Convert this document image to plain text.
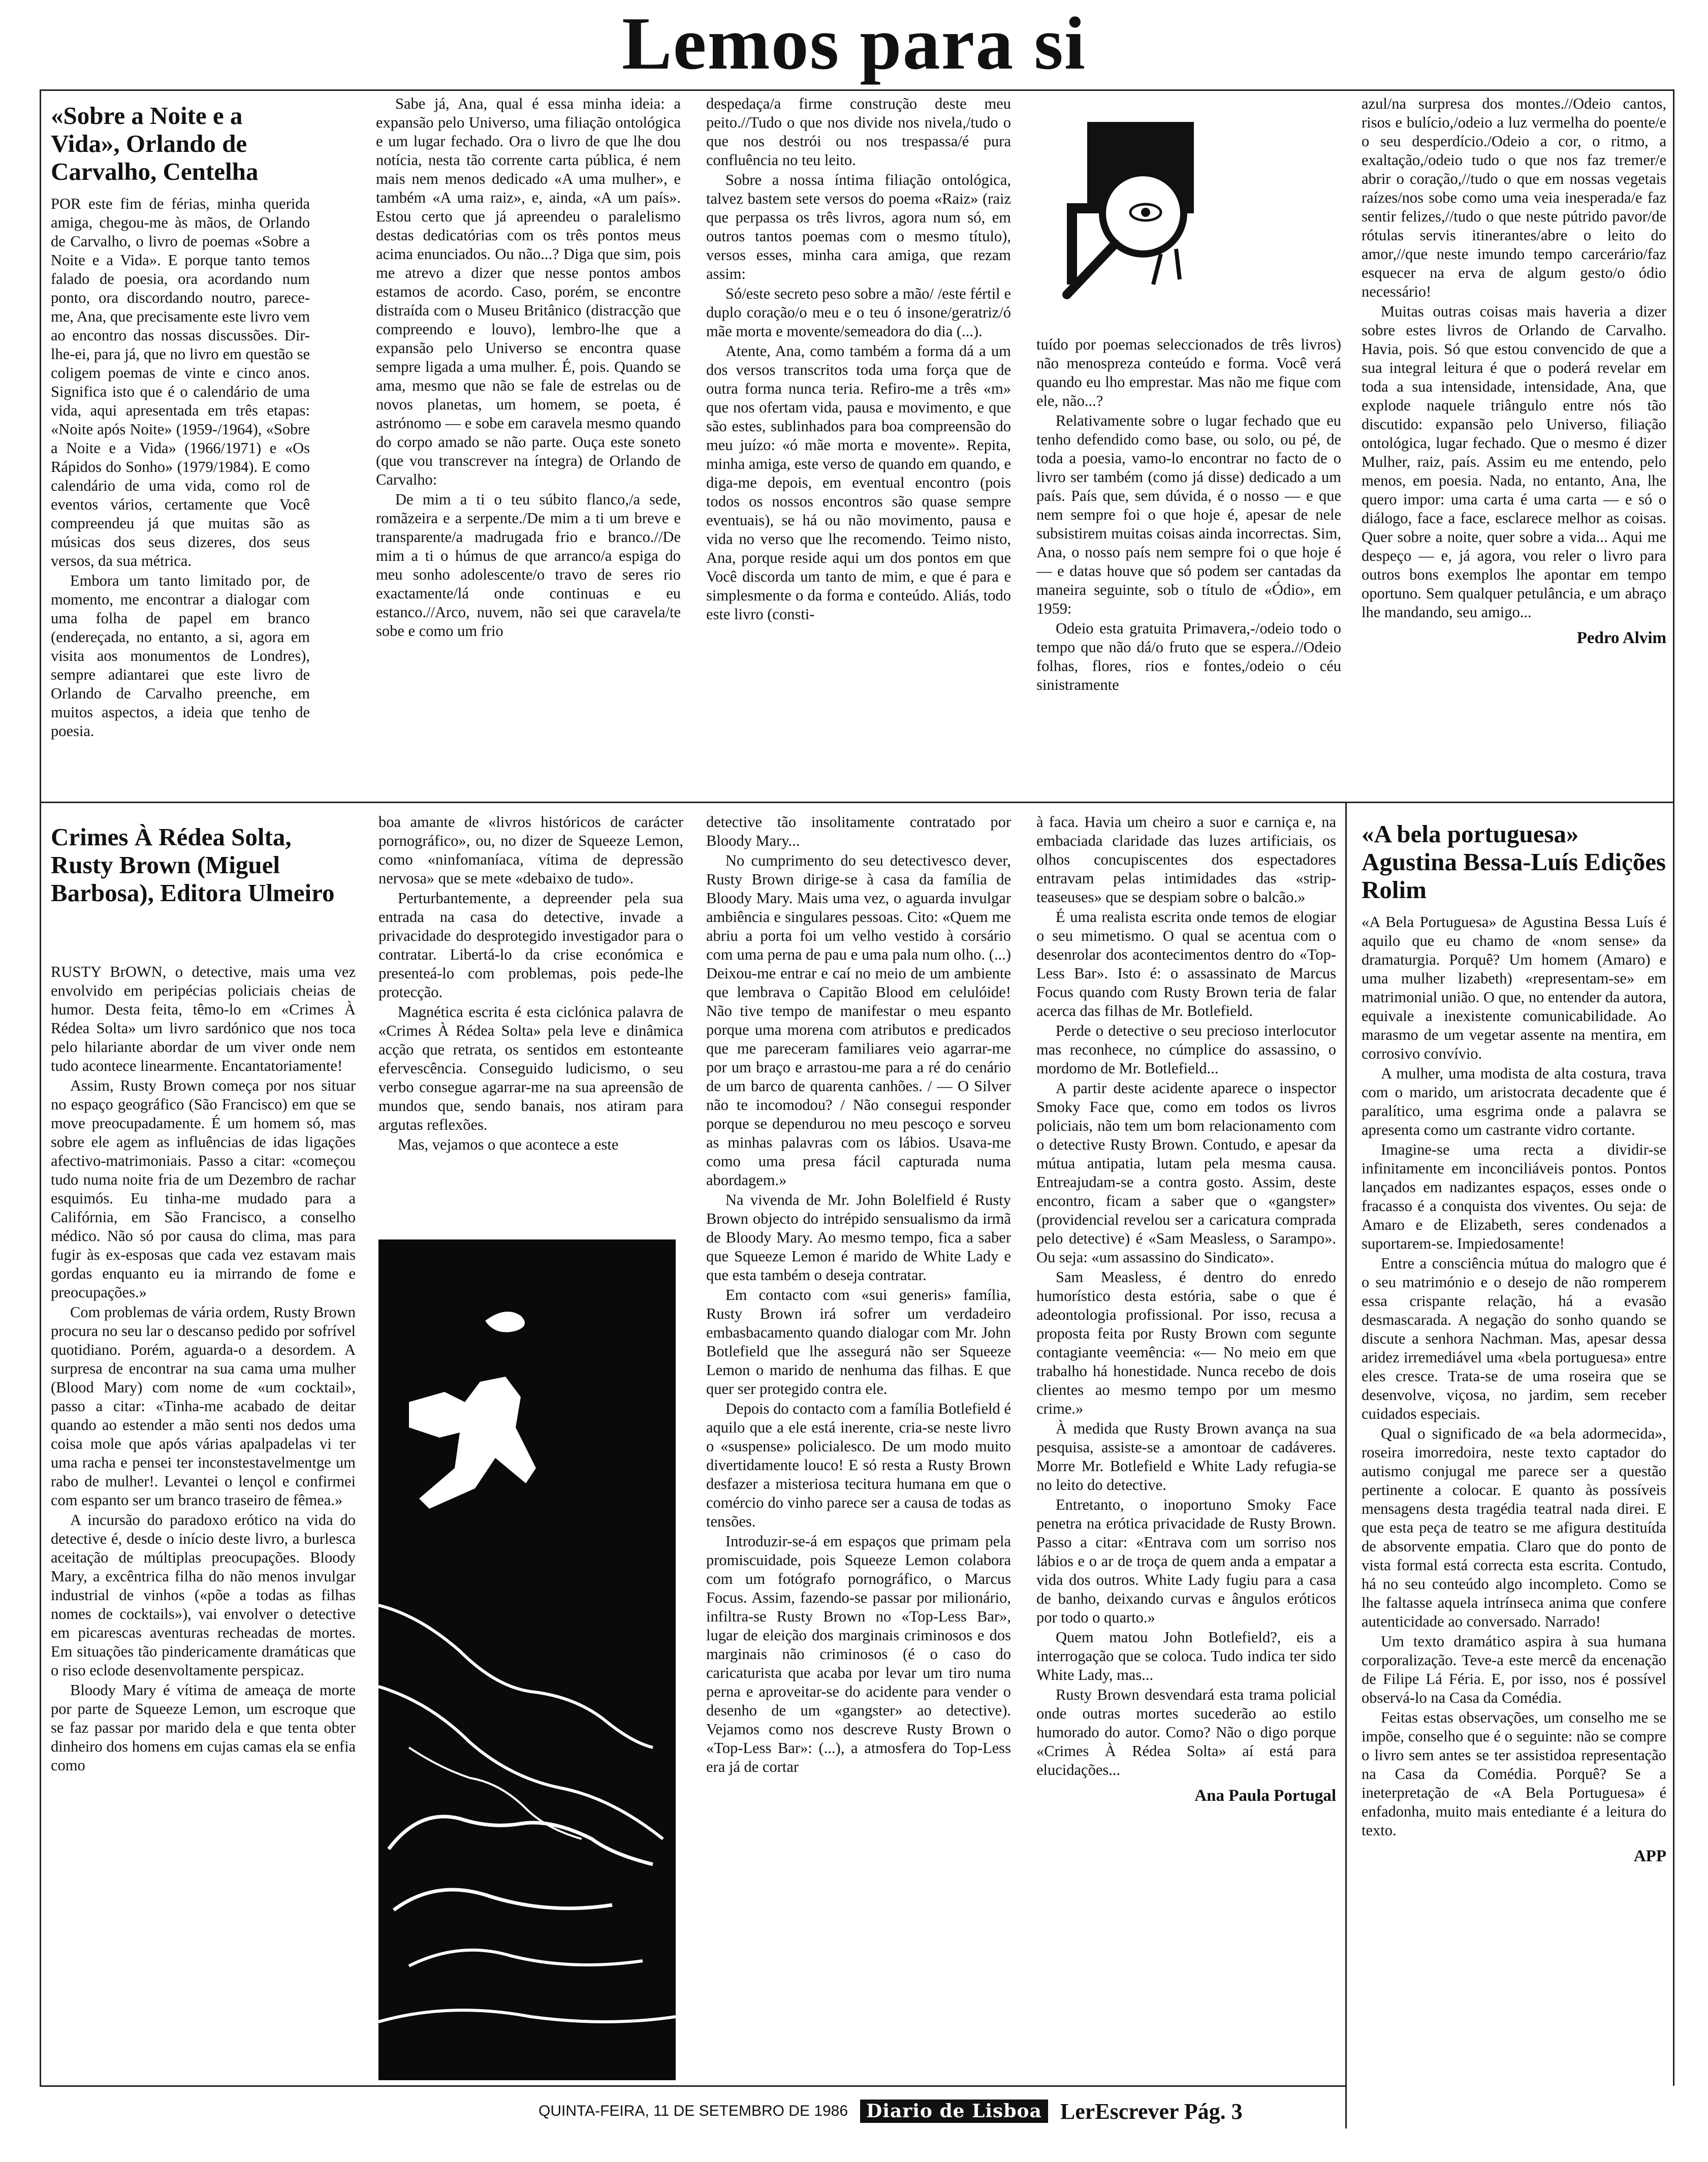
Lemos para si
«Sobre a Noite e a Vida», Orlando de Carvalho, Centelha

POR este fim de férias, minha querida amiga, chegou-me às mãos, de Orlando de Carvalho, o livro de poemas «Sobre a Noite e a Vida». E porque tanto temos falado de poesia, ora acordando num ponto, ora discordando noutro, parece-me, Ana, que precisamente este livro vem ao encontro das nossas discussões. Dir-lhe-ei, para já, que no livro em questão se coligem poemas de vinte e cinco anos. Significa isto que é o calendário de uma vida, aqui apresentada em três etapas: «Noite após Noite» (1959-/1964), «Sobre a Noite e a Vida» (1966/1971) e «Os Rápidos do Sonho» (1979/1984). E como calendário de uma vida, como rol de eventos vários, certamente que Você compreendeu já que muitas são as músicas dos seus dizeres, dos seus versos, da sua métrica.

Embora um tanto limitado por, de momento, me encontrar a dialogar com uma folha de papel em branco (endereçada, no entanto, a si, agora em visita aos monumentos de Londres), sempre adiantarei que este livro de Orlando de Carvalho preenche, em muitos aspectos, a ideia que tenho de poesia.

Sabe já, Ana, qual é essa minha ideia: a expansão pelo Universo, uma filiação ontológica e um lugar fechado. Ora o livro de que lhe dou notícia, nesta tão corrente carta pública, é nem mais nem menos dedicado «A uma mulher», e também «A uma raiz», e, ainda, «A um país». Estou certo que já apreendeu o paralelismo destas dedicatórias com os três pontos meus acima enunciados. Ou não...? Diga que sim, pois me atrevo a dizer que nesse pontos ambos estamos de acordo. Caso, porém, se encontre distraída com o Museu Britânico (distracção que compreendo e louvo), lembro-lhe que a expansão pelo Universo se encontra quase sempre ligada a uma mulher. É, pois. Quando se ama, mesmo que não se fale de estrelas ou de novos planetas, um homem, se poeta, é astrónomo — e sobe em caravela mesmo quando do corpo amado se não parte. Ouça este soneto (que vou transcrever na íntegra) de Orlando de Carvalho:

De mim a ti o teu súbito flanco,/a sede, romãzeira e a serpente./De mim a ti um breve e transparente/a madrugada frio e branco.//De mim a ti o húmus de que arranco/a espiga do meu sonho adolescente/o travo de seres rio exactamente/lá onde continuas e eu estanco.//Arco, nuvem, não sei que caravela/te sobe e como um frio

despedaça/a firme construção deste meu peito.//Tudo o que nos divide nos nivela,/tudo o que nos destrói ou nos trespassa/é pura confluência no teu leito.

Sobre a nossa íntima filiação ontológica, talvez bastem sete versos do poema «Raiz» (raiz que perpassa os três livros, agora num só, em outros tantos poemas com o mesmo título), versos esses, minha cara amiga, que rezam assim:

Só/este secreto peso sobre a mão/ /este fértil e duplo coração/o meu e o teu ó insone/geratriz/ó mãe morta e movente/semeadora do dia (...).

Atente, Ana, como também a forma dá a um dos versos transcritos toda uma força que de outra forma nunca teria. Refiro-me a três «m» que nos ofertam vida, pausa e movimento, e que são estes, sublinhados para boa compreensão do meu juízo: «ó mãe morta e movente». Repita, minha amiga, este verso de quando em quando, e diga-me depois, em eventual encontro (pois todos os nossos encontros são quase sempre eventuais), se há ou não movimento, pausa e vida no verso que lhe recomendo. Teimo nisto, Ana, porque reside aqui um dos pontos em que Você discorda um tanto de mim, e que é para e simplesmente o da forma e conteúdo. Aliás, todo este livro (consti-

tuído por poemas seleccionados de três livros) não menospreza conteúdo e forma. Você verá quando eu lho emprestar. Mas não me fique com ele, não...?

Relativamente sobre o lugar fechado que eu tenho defendido como base, ou solo, ou pé, de toda a poesia, vamo-lo encontrar no facto de o livro ser também (como já disse) dedicado a um país. País que, sem dúvida, é o nosso — e que nem sempre foi o que hoje é, apesar de nele subsistirem muitas coisas ainda incorrectas. Sim, Ana, o nosso país nem sempre foi o que hoje é — e datas houve que só podem ser cantadas da maneira seguinte, sob o título de «Ódio», em 1959:

Odeio esta gratuita Primavera,-/odeio todo o tempo que não dá/o fruto que se espera.//Odeio folhas, flores, rios e fontes,/odeio o céu sinistramente

azul/na surpresa dos montes.//Odeio cantos, risos e bulício,/odeio a luz vermelha do poente/e o seu desperdício./Odeio a cor, o ritmo, a exaltação,/odeio tudo o que nos faz tremer/e abrir o coração,//tudo o que em nossas vegetais raízes/nos sobe como uma veia inesperada/e faz sentir felizes,//tudo o que neste pútrido pavor/de rótulas servis itinerantes/abre o leito do amor,//que neste imundo tempo carcerário/faz esquecer na erva de algum gesto/o ódio necessário!

Muitas outras coisas mais haveria a dizer sobre estes livros de Orlando de Carvalho. Havia, pois. Só que estou convencido de que a sua integral leitura é que o poderá revelar em toda a sua intensidade, intensidade, Ana, que explode naquele triângulo entre nós tão discutido: expansão pelo Universo, filiação ontológica, lugar fechado. Que o mesmo é dizer Mulher, raiz, país. Assim eu me entendo, pelo menos, em poesia. Nada, no entanto, Ana, lhe quero impor: uma carta é uma carta — e só o diálogo, face a face, esclarece melhor as coisas. Quer sobre a noite, quer sobre a vida... Aqui me despeço — e, já agora, vou reler o livro para outros bons exemplos lhe apontar em tempo oportuno. Sem qualquer petulância, e um abraço lhe mandando, seu amigo...

Pedro Alvim
Crimes À Rédea Solta, Rusty Brown (Miguel Barbosa), Editora Ulmeiro

RUSTY BrOWN, o detective, mais uma vez envolvido em peripécias policiais cheias de humor. Desta feita, têmo-lo em «Crimes À Rédea Solta» um livro sardónico que nos toca pelo hilariante abordar de um viver onde nem tudo acontece linearmente. Encantatoriamente!

Assim, Rusty Brown começa por nos situar no espaço geográfico (São Francisco) em que se move preocupadamente. É um homem só, mas sobre ele agem as influências de idas ligações afectivo-matrimoniais. Passo a citar: «começou tudo numa noite fria de um Dezembro de rachar esquimós. Eu tinha-me mudado para a Califórnia, em São Francisco, a conselho médico. Não só por causa do clima, mas para fugir às ex-esposas que cada vez estavam mais gordas enquanto eu ia mirrando de fome e preocupações.»

Com problemas de vária ordem, Rusty Brown procura no seu lar o descanso pedido por sofrível quotidiano. Porém, aguarda-o a desordem. A surpresa de encontrar na sua cama uma mulher (Blood Mary) com nome de «um cocktail», passo a citar: «Tinha-me acabado de deitar quando ao estender a mão senti nos dedos uma coisa mole que após várias apalpadelas vi ter uma racha e pensei ter inconstestavelmentge um rabo de mulher!. Levantei o lençol e confirmei com espanto ser um branco traseiro de fêmea.»

A incursão do paradoxo erótico na vida do detective é, desde o início deste livro, a burlesca aceitação de múltiplas preocupações. Bloody Mary, a excêntrica filha do não menos invulgar industrial de vinhos («põe a todas as filhas nomes de cocktails»), vai envolver o detective em picarescas aventuras recheadas de mortes. Em situações tão pindericamente dramáticas que o riso eclode desenvoltamente perspicaz.

Bloody Mary é vítima de ameaça de morte por parte de Squeeze Lemon, um escroque que se faz passar por marido dela e que tenta obter dinheiro dos homens em cujas camas ela se enfia como

boa amante de «livros históricos de carácter pornográfico», ou, no dizer de Squeeze Lemon, como «ninfomaníaca, vítima de depressão nervosa» que se mete «debaixo de tudo».

Perturbantemente, a depreender pela sua entrada na casa do detective, invade a privacidade do desprotegido investigador para o contratar. Libertá-lo da crise económica e presenteá-lo com problemas, pois pede-lhe protecção.

Magnética escrita é esta ciclónica palavra de «Crimes À Rédea Solta» pela leve e dinâmica acção que retrata, os sentidos em estonteante efervescência. Conseguido ludicismo, o seu verbo consegue agarrar-me na sua apreensão de mundos que, sendo banais, nos atiram para argutas reflexões.

Mas, vejamos o que acontece a este

detective tão insolitamente contratado por Bloody Mary...

No cumprimento do seu detectivesco dever, Rusty Brown dirige-se à casa da família de Bloody Mary. Mais uma vez, o aguarda invulgar ambiência e singulares pessoas. Cito: «Quem me abriu a porta foi um velho vestido à corsário com uma perna de pau e uma pala num olho. (...) Deixou-me entrar e caí no meio de um ambiente que lembrava o Capitão Blood em celulóide! Não tive tempo de manifestar o meu espanto porque uma morena com atributos e predicados que me pareceram familiares veio agarrar-me por um braço e arrastou-me para a ré do cenário de um barco de quarenta canhões. / — O Silver não te incomodou? / Não consegui responder porque se dependurou no meu pescoço e sorveu as minhas palavras com os lábios. Usava-me como uma presa fácil capturada numa abordagem.»

Na vivenda de Mr. John Bolelfield é Rusty Brown objecto do intrépido sensualismo da irmã de Bloody Mary. Ao mesmo tempo, fica a saber que Squeeze Lemon é marido de White Lady e que esta também o deseja contratar.

Em contacto com «sui generis» família, Rusty Brown irá sofrer um verdadeiro embasbacamento quando dialogar com Mr. John Botlefield que lhe assegurá não ser Squeeze Lemon o marido de nenhuma das filhas. E que quer ser protegido contra ele.

Depois do contacto com a família Botlefield é aquilo que a ele está inerente, cria-se neste livro o «suspense» policialesco. De um modo muito divertidamente louco! E só resta a Rusty Brown desfazer a misteriosa tecitura humana em que o comércio do vinho parece ser a causa de todas as tensões.

Introduzir-se-á em espaços que primam pela promiscuidade, pois Squeeze Lemon colabora com um fotógrafo pornográfico, o Marcus Focus. Assim, fazendo-se passar por milionário, infiltra-se Rusty Brown no «Top-Less Bar», lugar de eleição dos marginais criminosos e dos marginais não criminosos (é o caso do caricaturista que acaba por levar um tiro numa perna e aproveitar-se do acidente para vender o desenho de um «gangster» ao detective). Vejamos como nos descreve Rusty Brown o «Top-Less Bar»: (...), a atmosfera do Top-Less era já de cortar

à faca. Havia um cheiro a suor e carniça e, na embaciada claridade das luzes artificiais, os olhos concupiscentes dos espectadores entravam pelas intimidades das «strip-teaseuses» que se despiam sobre o balcão.»

É uma realista escrita onde temos de elogiar o seu mimetismo. O qual se acentua com o desenrolar dos acontecimentos dentro do «Top-Less Bar». Isto é: o assassinato de Marcus Focus quando com Rusty Brown teria de falar acerca das filhas de Mr. Botlefield.

Perde o detective o seu precioso interlocutor mas reconhece, no cúmplice do assassino, o mordomo de Mr. Botlefield...

A partir deste acidente aparece o inspector Smoky Face que, como em todos os livros policiais, não tem um bom relacionamento com o detective Rusty Brown. Contudo, e apesar da mútua antipatia, lutam pela mesma causa. Entreajudam-se a contra gosto. Assim, deste encontro, ficam a saber que o «gangster» (providencial revelou ser a caricatura comprada pelo detective) é «Sam Measless, o Sarampo». Ou seja: «um assassino do Sindicato».

Sam Measless, é dentro do enredo humorístico desta estória, sabe o que é adeontologia profissional. Por isso, recusa a proposta feita por Rusty Brown com segunte contagiante veemência: «— No meio em que trabalho há honestidade. Nunca recebo de dois clientes ao mesmo tempo por um mesmo crime.»

À medida que Rusty Brown avança na sua pesquisa, assiste-se a amontoar de cadáveres. Morre Mr. Botlefield e White Lady refugia-se no leito do detective.

Entretanto, o inoportuno Smoky Face penetra na erótica privacidade de Rusty Brown. Passo a citar: «Entrava com um sorriso nos lábios e o ar de troça de quem anda a empatar a vida dos outros. White Lady fugiu para a casa de banho, deixando curvas e ângulos eróticos por todo o quarto.»

Quem matou John Botlefield?, eis a interrogação que se coloca. Tudo indica ter sido White Lady, mas...

Rusty Brown desvendará esta trama policial onde outras mortes sucederão ao estilo humorado do autor. Como? Não o digo porque «Crimes À Rédea Solta» aí está para elucidações...

Ana Paula Portugal
«A bela portuguesa» Agustina Bessa-Luís Edições Rolim

«A Bela Portuguesa» de Agustina Bessa Luís é aquilo que eu chamo de «nom sense» da dramaturgia. Porquê? Um homem (Amaro) e uma mulher lizabeth) «representam-se» em matrimonial união. O que, no entender da autora, equivale a inexistente comunicabilidade. Ao marasmo de um vegetar assente na mentira, em corrosivo convívio.

A mulher, uma modista de alta costura, trava com o marido, um aristocrata decadente que é paralítico, uma esgrima onde a palavra se apresenta como um castrante vidro cortante.

Imagine-se uma recta a dividir-se infinitamente em inconciliáveis pontos. Pontos lançados em nadizantes espaços, esses onde o fracasso é a conquista dos viventes. Ou seja: de Amaro e de Elizabeth, seres condenados a suportarem-se. Impiedosamente!

Entre a consciência mútua do malogro que é o seu matrimónio e o desejo de não romperem essa crispante relação, há a evasão desmascarada. A negação do sonho quando se discute a senhora Nachman. Mas, apesar dessa aridez irremediável uma «bela portuguesa» entre eles cresce. Trata-se de uma roseira que se desenvolve, viçosa, no jardim, sem receber cuidados especiais.

Qual o significado de «a bela adormecida», roseira imorredoira, neste texto captador do autismo conjugal me parece ser a questão pertinente a colocar. E quanto às possíveis mensagens desta tragédia teatral nada direi. E que esta peça de teatro se me afigura destituída de absorvente empatia. Claro que do ponto de vista formal está correcta esta escrita. Contudo, há no seu conteúdo algo incompleto. Como se lhe faltasse aquela intrínseca anima que confere autenticidade ao conversado. Narrado!

Um texto dramático aspira à sua humana corporalização. Teve-a este mercê da encenação de Filipe Lá Féria. E, por isso, nos é possível observá-lo na Casa da Comédia.

Feitas estas observações, um conselho me se impõe, conselho que é o seguinte: não se compre o livro sem antes se ter assistidoa representação na Casa da Comédia. Porquê? Se a ineterpretação de «A Bela Portuguesa» é enfadonha, muito mais entediante é a leitura do texto.

APP
QUINTA-FEIRA, 11 DE SETEMBRO DE 1986	Diario de Lisboa LerEscrever Pág. 3
